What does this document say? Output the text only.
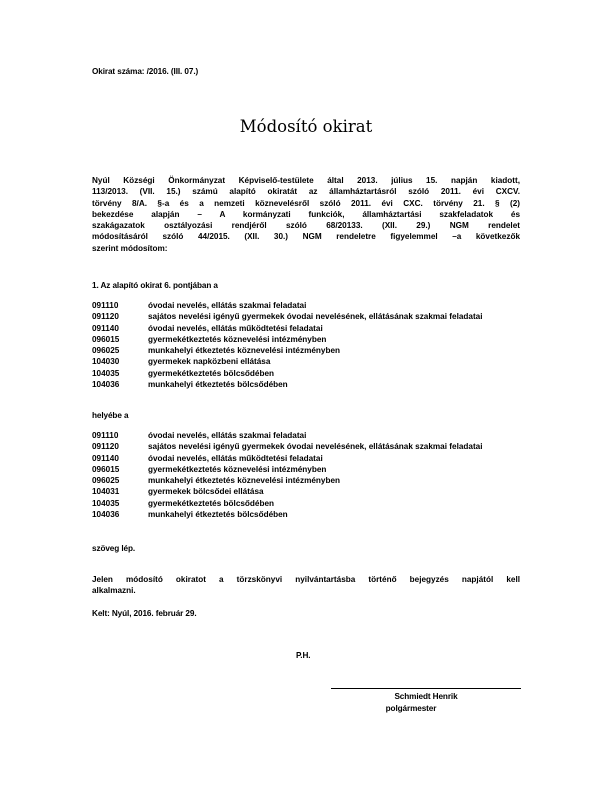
Okirat száma: /2016. (III. 07.)
Módosító okirat
Nyúl Községi Önkormányzat Képviselő-testülete által 2013. július 15. napján kiadott,
113/2013. (VII. 15.) számú alapító okiratát az államháztartásról szóló 2011. évi CXCV.
törvény 8/A. §-a és a nemzeti köznevelésről szóló 2011. évi CXC. törvény 21. § (2)
bekezdése alapján – A kormányzati funkciók, államháztartási szakfeladatok és
szakágazatok osztályozási rendjéről szóló 68/20133. (XII. 29.) NGM rendelet
módosításáról szóló 44/2015. (XII. 30.) NGM rendeletre figyelemmel –a következők
szerint módosítom:
1. Az alapító okirat 6. pontjában a
091110	óvodai nevelés, ellátás szakmai feladatai
091120	sajátos nevelési igényű gyermekek óvodai nevelésének, ellátásának szakmai feladatai
091140	óvodai nevelés, ellátás működtetési feladatai
096015	gyermekétkeztetés köznevelési intézményben
096025	munkahelyi étkeztetés köznevelési intézményben
104030	gyermekek napközbeni ellátása
104035	gyermekétkeztetés bölcsődében
104036	munkahelyi étkeztetés bölcsődében
helyébe a
091110	óvodai nevelés, ellátás szakmai feladatai
091120	sajátos nevelési igényű gyermekek óvodai nevelésének, ellátásának szakmai feladatai
091140	óvodai nevelés, ellátás működtetési feladatai
096015	gyermekétkeztetés köznevelési intézményben
096025	munkahelyi étkeztetés köznevelési intézményben
104031	gyermekek bölcsődei ellátása
104035	gyermekétkeztetés bölcsődében
104036	munkahelyi étkeztetés bölcsődében
szöveg lép.
Jelen módosító okiratot a törzskönyvi nyilvántartásba történő bejegyzés napjától kell
alkalmazni.
Kelt: Nyúl, 2016. február 29.
P.H.
Schmiedt Henrik
polgármester
